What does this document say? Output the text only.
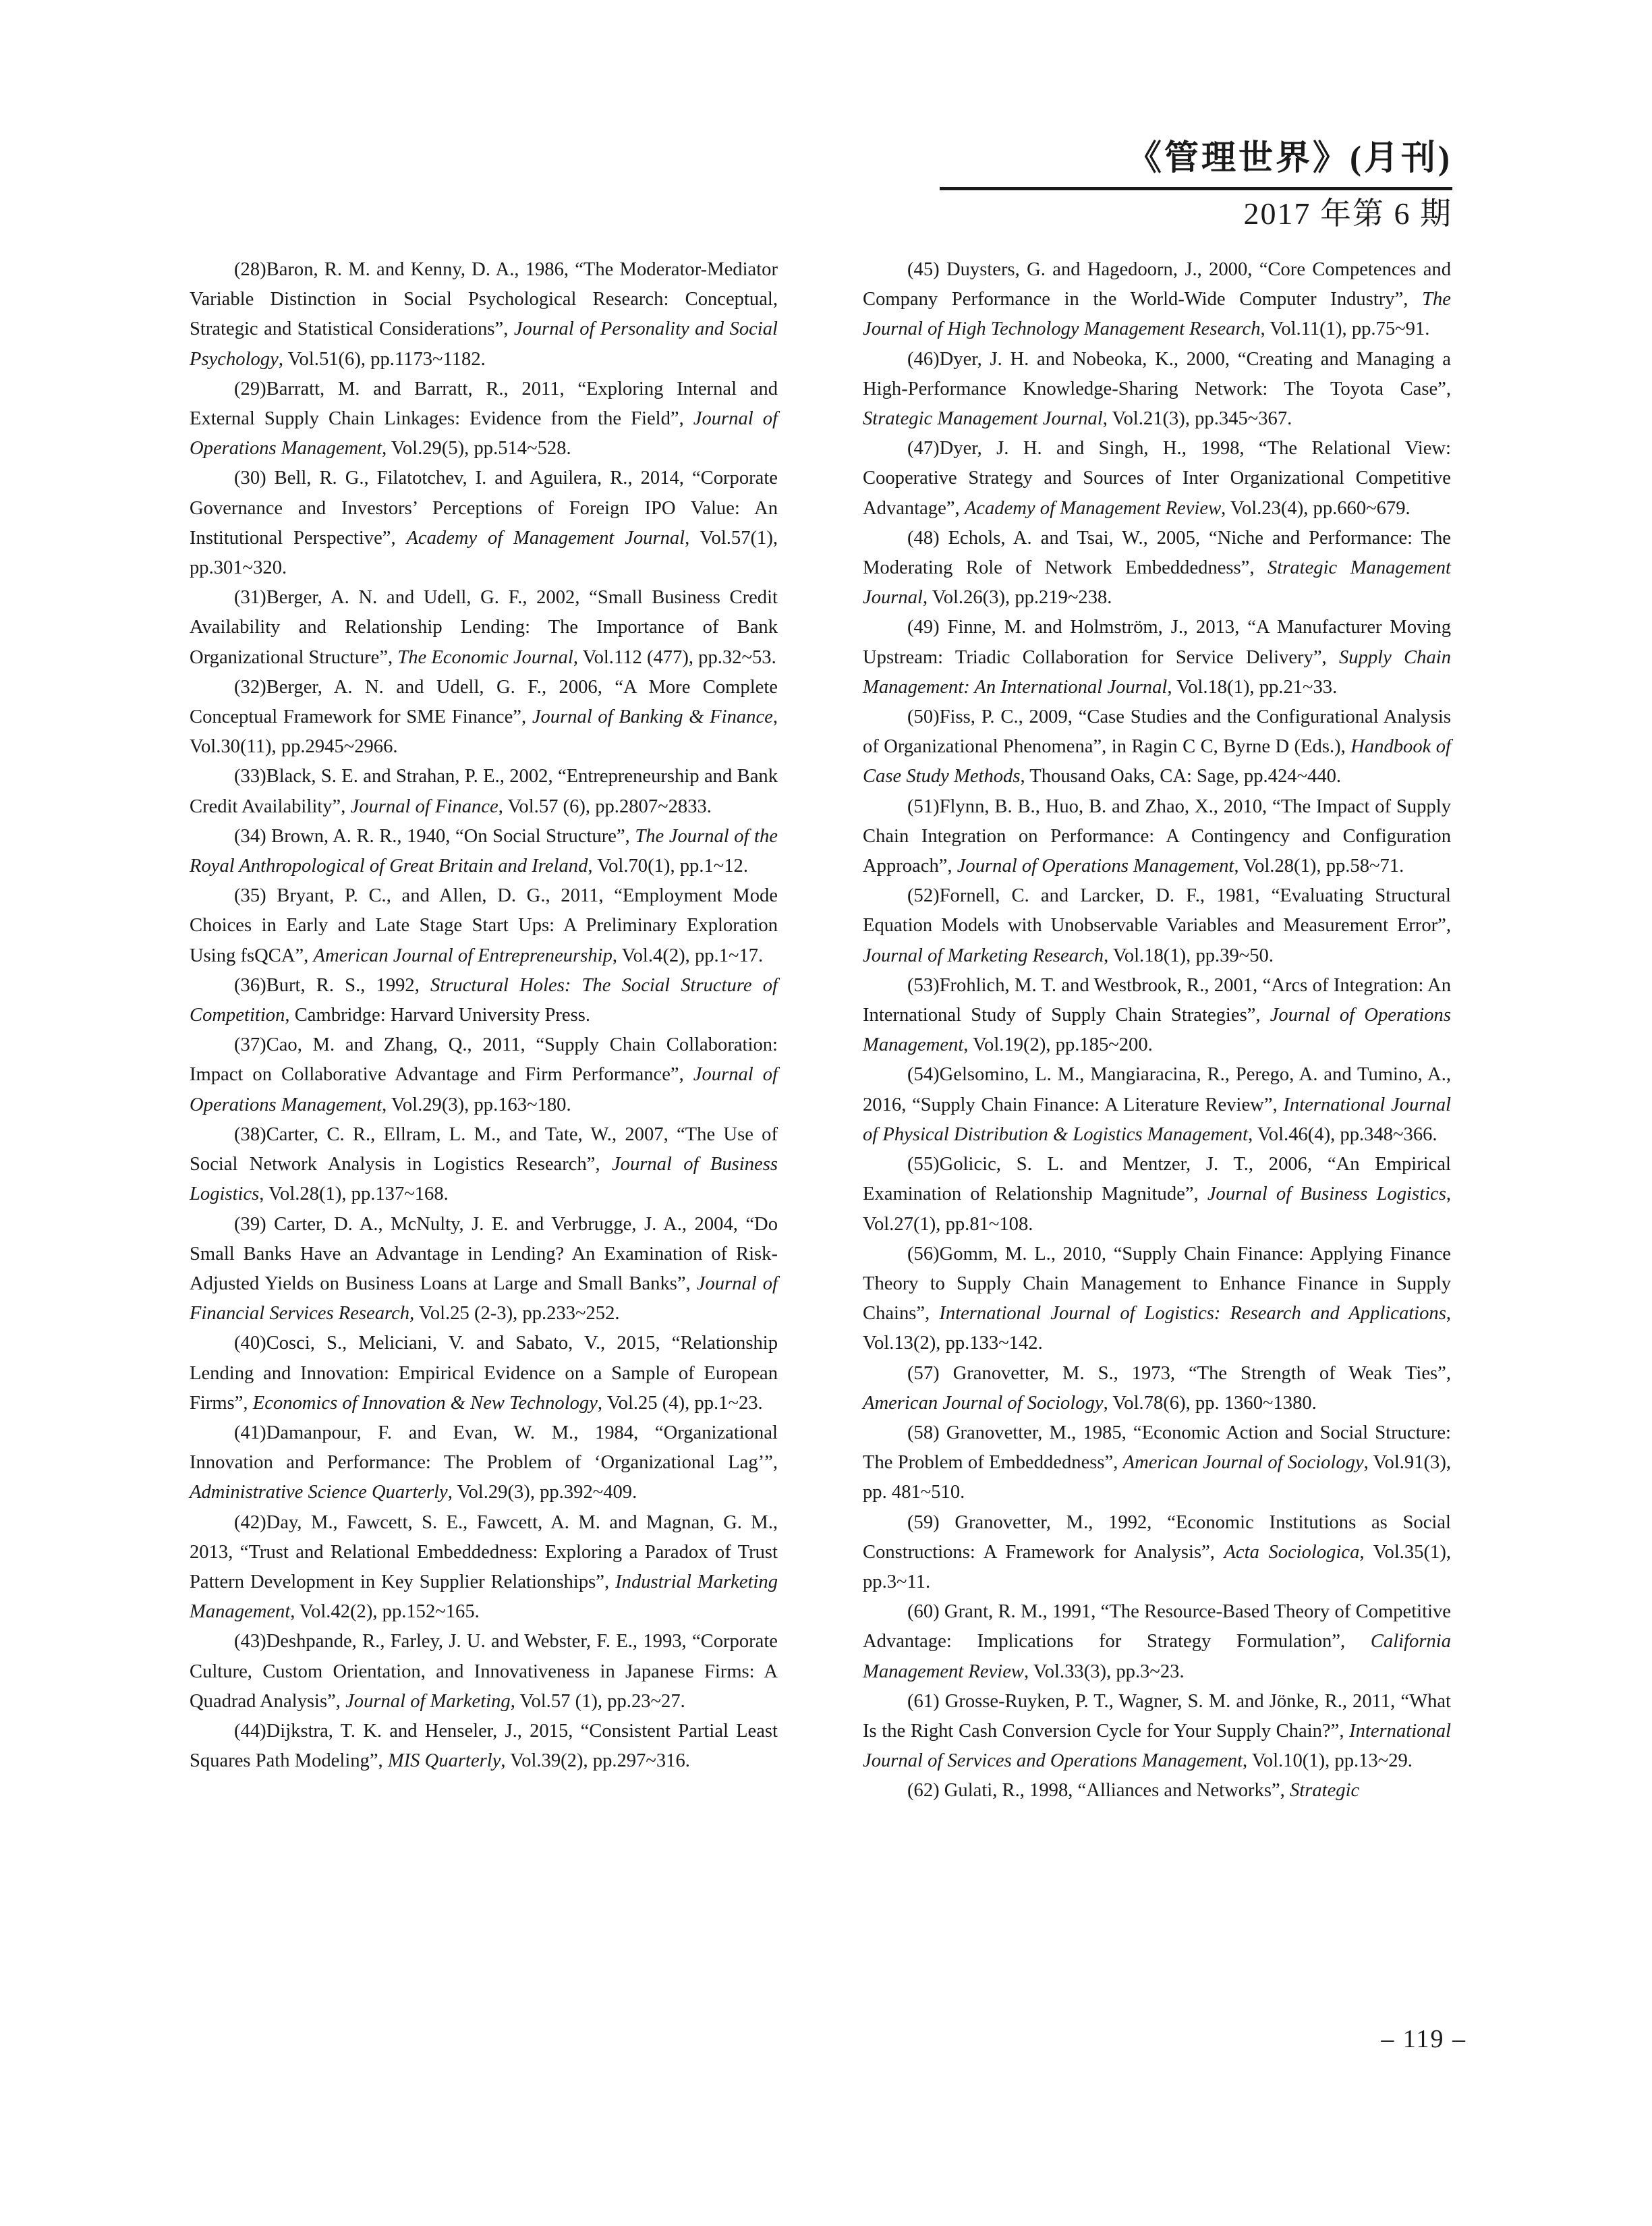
《管理世界》(月刊)
2017 年第 6 期

(28)Baron, R. M. and Kenny, D. A., 1986, “The Moderator-Mediator Variable Distinction in Social Psychological Research: Conceptual, Strategic and Statistical Considerations”, Journal of Personality and Social Psychology, Vol.51(6), pp.1173~1182.

(29)Barratt, M. and Barratt, R., 2011, “Exploring Internal and External Supply Chain Linkages: Evidence from the Field”, Journal of Operations Management, Vol.29(5), pp.514~528.

(30) Bell, R. G., Filatotchev, I. and Aguilera, R., 2014, “Corporate Governance and Investors’ Perceptions of Foreign IPO Value: An Institutional Perspective”, Academy of Management Journal, Vol.57(1), pp.301~320.

(31)Berger, A. N. and Udell, G. F., 2002, “Small Business Credit Availability and Relationship Lending: The Importance of Bank Organizational Structure”, The Economic Journal, Vol.112 (477), pp.32~53.

(32)Berger, A. N. and Udell, G. F., 2006, “A More Complete Conceptual Framework for SME Finance”, Journal of Banking & Finance, Vol.30(11), pp.2945~2966.

(33)Black, S. E. and Strahan, P. E., 2002, “Entrepreneurship and Bank Credit Availability”, Journal of Finance, Vol.57 (6), pp.2807~2833.

(34) Brown, A. R. R., 1940, “On Social Structure”, The Journal of the Royal Anthropological of Great Britain and Ireland, Vol.70(1), pp.1~12.

(35) Bryant, P. C., and Allen, D. G., 2011, “Employment Mode Choices in Early and Late Stage Start Ups: A Preliminary Exploration Using fsQCA”, American Journal of Entrepreneurship, Vol.4(2), pp.1~17.

(36)Burt, R. S., 1992, Structural Holes: The Social Structure of Competition, Cambridge: Harvard University Press.

(37)Cao, M. and Zhang, Q., 2011, “Supply Chain Collaboration: Impact on Collaborative Advantage and Firm Performance”, Journal of Operations Management, Vol.29(3), pp.163~180.

(38)Carter, C. R., Ellram, L. M., and Tate, W., 2007, “The Use of Social Network Analysis in Logistics Research”, Journal of Business Logistics, Vol.28(1), pp.137~168.

(39) Carter, D. A., McNulty, J. E. and Verbrugge, J. A., 2004, “Do Small Banks Have an Advantage in Lending? An Examination of Risk-Adjusted Yields on Business Loans at Large and Small Banks”, Journal of Financial Services Research, Vol.25 (2-3), pp.233~252.

(40)Cosci, S., Meliciani, V. and Sabato, V., 2015, “Relationship Lending and Innovation: Empirical Evidence on a Sample of European Firms”, Economics of Innovation & New Technology, Vol.25 (4), pp.1~23.

(41)Damanpour, F. and Evan, W. M., 1984, “Organizational Innovation and Performance: The Problem of ‘Organizational Lag’”, Administrative Science Quarterly, Vol.29(3), pp.392~409.

(42)Day, M., Fawcett, S. E., Fawcett, A. M. and Magnan, G. M., 2013, “Trust and Relational Embeddedness: Exploring a Paradox of Trust Pattern Development in Key Supplier Relationships”, Industrial Marketing Management, Vol.42(2), pp.152~165.

(43)Deshpande, R., Farley, J. U. and Webster, F. E., 1993, “Corporate Culture, Custom Orientation, and Innovativeness in Japanese Firms: A Quadrad Analysis”, Journal of Marketing, Vol.57 (1), pp.23~27.

(44)Dijkstra, T. K. and Henseler, J., 2015, “Consistent Partial Least Squares Path Modeling”, MIS Quarterly, Vol.39(2), pp.297~316.

(45) Duysters, G. and Hagedoorn, J., 2000, “Core Competences and Company Performance in the World-Wide Computer Industry”, The Journal of High Technology Management Research, Vol.11(1), pp.75~91.

(46)Dyer, J. H. and Nobeoka, K., 2000, “Creating and Managing a High-Performance Knowledge-Sharing Network: The Toyota Case”, Strategic Management Journal, Vol.21(3), pp.345~367.

(47)Dyer, J. H. and Singh, H., 1998, “The Relational View: Cooperative Strategy and Sources of Inter Organizational Competitive Advantage”, Academy of Management Review, Vol.23(4), pp.660~679.

(48) Echols, A. and Tsai, W., 2005, “Niche and Performance: The Moderating Role of Network Embeddedness”, Strategic Management Journal, Vol.26(3), pp.219~238.

(49) Finne, M. and Holmström, J., 2013, “A Manufacturer Moving Upstream: Triadic Collaboration for Service Delivery”, Supply Chain Management: An International Journal, Vol.18(1), pp.21~33.

(50)Fiss, P. C., 2009, “Case Studies and the Configurational Analysis of Organizational Phenomena”, in Ragin C C, Byrne D (Eds.), Handbook of Case Study Methods, Thousand Oaks, CA: Sage, pp.424~440.

(51)Flynn, B. B., Huo, B. and Zhao, X., 2010, “The Impact of Supply Chain Integration on Performance: A Contingency and Configuration Approach”, Journal of Operations Management, Vol.28(1), pp.58~71.

(52)Fornell, C. and Larcker, D. F., 1981, “Evaluating Structural Equation Models with Unobservable Variables and Measurement Error”, Journal of Marketing Research, Vol.18(1), pp.39~50.

(53)Frohlich, M. T. and Westbrook, R., 2001, “Arcs of Integration: An International Study of Supply Chain Strategies”, Journal of Operations Management, Vol.19(2), pp.185~200.

(54)Gelsomino, L. M., Mangiaracina, R., Perego, A. and Tumino, A., 2016, “Supply Chain Finance: A Literature Review”, International Journal of Physical Distribution & Logistics Management, Vol.46(4), pp.348~366.

(55)Golicic, S. L. and Mentzer, J. T., 2006, “An Empirical Examination of Relationship Magnitude”, Journal of Business Logistics, Vol.27(1), pp.81~108.

(56)Gomm, M. L., 2010, “Supply Chain Finance: Applying Finance Theory to Supply Chain Management to Enhance Finance in Supply Chains”, International Journal of Logistics: Research and Applications, Vol.13(2), pp.133~142.

(57) Granovetter, M. S., 1973, “The Strength of Weak Ties”, American Journal of Sociology, Vol.78(6), pp. 1360~1380.

(58) Granovetter, M., 1985, “Economic Action and Social Structure: The Problem of Embeddedness”, American Journal of Sociology, Vol.91(3), pp. 481~510.

(59) Granovetter, M., 1992, “Economic Institutions as Social Constructions: A Framework for Analysis”, Acta Sociologica, Vol.35(1), pp.3~11.

(60) Grant, R. M., 1991, “The Resource-Based Theory of Competitive Advantage: Implications for Strategy Formulation”, California Management Review, Vol.33(3), pp.3~23.

(61) Grosse-Ruyken, P. T., Wagner, S. M. and Jönke, R., 2011, “What Is the Right Cash Conversion Cycle for Your Supply Chain?”, International Journal of Services and Operations Management, Vol.10(1), pp.13~29.

(62) Gulati, R., 1998, “Alliances and Networks”, Strategic

– 119 –
